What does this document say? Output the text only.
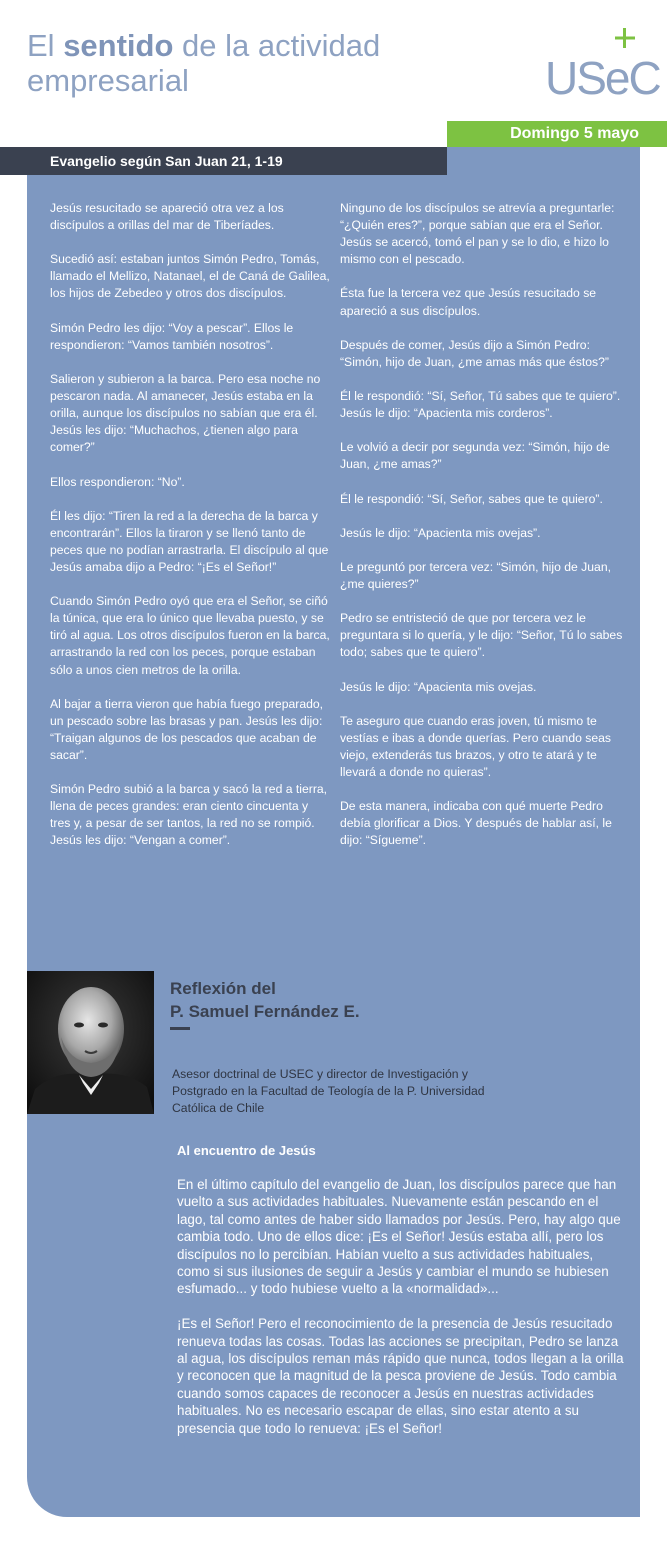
El sentido de la actividad empresarial	USeC
+
Domingo 5 mayo
Evangelio según San Juan 21, 1-19

Jesús resucitado se apareció otra vez a los discípulos a orillas del mar de Tiberíades.

Sucedió así: estaban juntos Simón Pedro, Tomás, llamado el Mellizo, Natanael, el de Caná de Galilea, los hijos de Zebedeo y otros dos discípulos.

Simón Pedro les dijo: “Voy a pescar”. Ellos le respondieron: “Vamos también nosotros”.

Salieron y subieron a la barca. Pero esa noche no pescaron nada. Al amanecer, Jesús estaba en la orilla, aunque los discípulos no sabían que era él. Jesús les dijo: “Muchachos, ¿tienen algo para comer?”

Ellos respondieron: “No”.

Él les dijo: “Tiren la red a la derecha de la barca y encontrarán”. Ellos la tiraron y se llenó tanto de peces que no podían arrastrarla. El discípulo al que Jesús amaba dijo a Pedro: “¡Es el Señor!”

Cuando Simón Pedro oyó que era el Señor, se ciñó la túnica, que era lo único que llevaba puesto, y se tiró al agua. Los otros discípulos fueron en la barca, arrastrando la red con los peces, porque estaban sólo a unos cien metros de la orilla.

Al bajar a tierra vieron que había fuego preparado, un pescado sobre las brasas y pan. Jesús les dijo: “Traigan algunos de los pescados que acaban de sacar”.

Simón Pedro subió a la barca y sacó la red a tierra, llena de peces grandes: eran ciento cincuenta y tres y, a pesar de ser tantos, la red no se rompió. Jesús les dijo: “Vengan a comer”.

Ninguno de los discípulos se atrevía a preguntarle: “¿Quién eres?”, porque sabían que era el Señor. Jesús se acercó, tomó el pan y se lo dio, e hizo lo mismo con el pescado.

Ésta fue la tercera vez que Jesús resucitado se apareció a sus discípulos.

Después de comer, Jesús dijo a Simón Pedro: “Simón, hijo de Juan, ¿me amas más que éstos?”

Él le respondió: “Sí, Señor, Tú sabes que te quiero”. Jesús le dijo: “Apacienta mis corderos”.

Le volvió a decir por segunda vez: “Simón, hijo de Juan, ¿me amas?”

Él le respondió: “Sí, Señor, sabes que te quiero”.

Jesús le dijo: “Apacienta mis ovejas”.

Le preguntó por tercera vez: “Simón, hijo de Juan, ¿me quieres?”

Pedro se entristeció de que por tercera vez le preguntara si lo quería, y le dijo: “Señor, Tú lo sabes todo; sabes que te quiero”.

Jesús le dijo: “Apacienta mis ovejas.

Te aseguro que cuando eras joven, tú mismo te vestías e ibas a donde querías. Pero cuando seas viejo, extenderás tus brazos, y otro te atará y te llevará a donde no quieras”.

De esta manera, indicaba con qué muerte Pedro debía glorificar a Dios. Y después de hablar así, le dijo: “Sígueme”.

Reflexión del
P. Samuel Fernández E.

Asesor doctrinal de USEC y director de Investigación y Postgrado en la Facultad de Teología de la P. Universidad Católica de Chile

Al encuentro de Jesús

En el último capítulo del evangelio de Juan, los discípulos parece que han vuelto a sus actividades habituales. Nuevamente están pescando en el lago, tal como antes de haber sido llamados por Jesús. Pero, hay algo que cambia todo. Uno de ellos dice: ¡Es el Señor! Jesús estaba allí, pero los discípulos no lo percibían. Habían vuelto a sus actividades habituales, como si sus ilusiones de seguir a Jesús y cambiar el mundo se hubiesen esfumado... y todo hubiese vuelto a la «normalidad»...

¡Es el Señor! Pero el reconocimiento de la presencia de Jesús resucitado renueva todas las cosas. Todas las acciones se precipitan, Pedro se lanza al agua, los discípulos reman más rápido que nunca, todos llegan a la orilla y reconocen que la magnitud de la pesca proviene de Jesús. Todo cambia cuando somos capaces de reconocer a Jesús en nuestras actividades habituales. No es necesario escapar de ellas, sino estar atento a su presencia que todo lo renueva: ¡Es el Señor!
